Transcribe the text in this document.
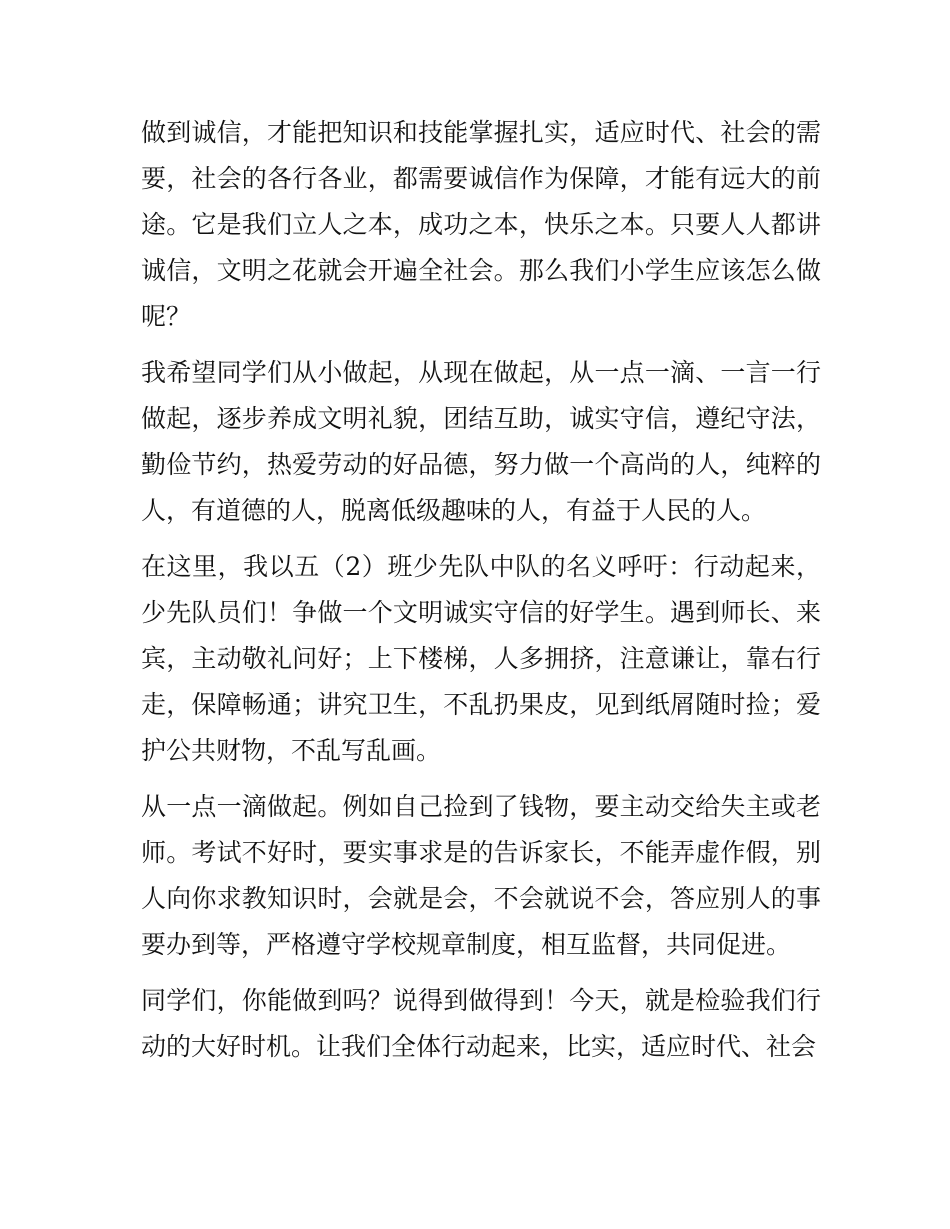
做到诚信，才能把知识和技能掌握扎实，适应时代、社会的需要，社会的各行各业，都需要诚信作为保障，才能有远大的前途。它是我们立人之本，成功之本，快乐之本。只要人人都讲诚信，文明之花就会开遍全社会。那么我们小学生应该怎么做呢？

我希望同学们从小做起，从现在做起，从一点一滴、一言一行做起，逐步养成文明礼貌，团结互助，诚实守信，遵纪守法，勤俭节约，热爱劳动的好品德，努力做一个高尚的人，纯粹的人，有道德的人，脱离低级趣味的人，有益于人民的人。

在这里，我以五（2）班少先队中队的名义呼吁：行动起来，少先队员们！争做一个文明诚实守信的好学生。遇到师长、来宾，主动敬礼问好；上下楼梯，人多拥挤，注意谦让，靠右行走，保障畅通；讲究卫生，不乱扔果皮，见到纸屑随时捡；爱护公共财物，不乱写乱画。

从一点一滴做起。例如自己捡到了钱物，要主动交给失主或老师。考试不好时，要实事求是的告诉家长，不能弄虚作假，别人向你求教知识时，会就是会，不会就说不会，答应别人的事要办到等，严格遵守学校规章制度，相互监督，共同促进。

同学们，你能做到吗？说得到做得到！今天，就是检验我们行动的大好时机。让我们全体行动起来，比实，适应时代、社会
